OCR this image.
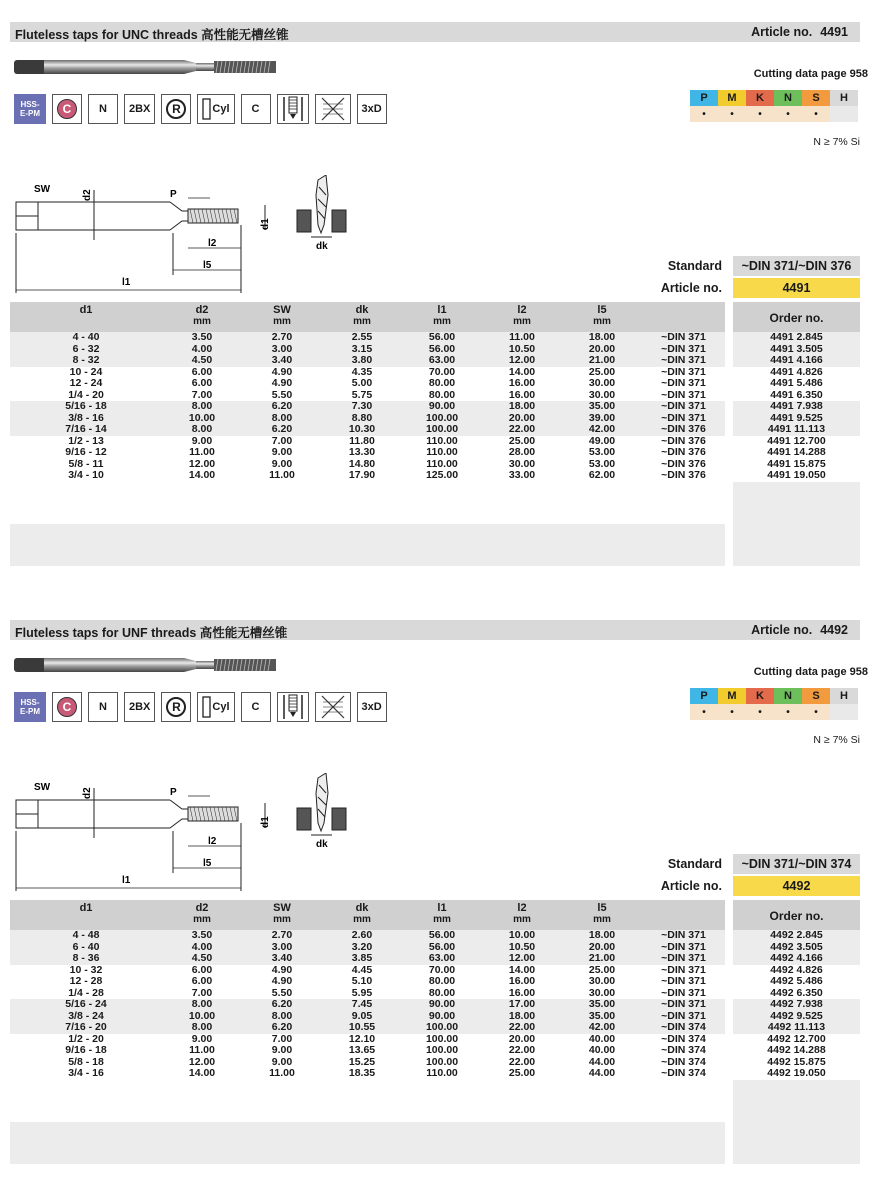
Fluteless taps for UNC threads 高性能无槽丝锥	Article no. 4491
HSS-E-PM	C	N	2BX	R	Cyl	C	3xD
Cutting data page 958
P	M	K	N	S	H
•	•	•	•	•	
N ≥ 7% Si
SW	d2	P
d1
l2
l5
l1
dk
Standard	~DIN 371/~DIN 376
Article no.	4491
d1	d2
mm
SW
mm
dk
mm
l1
mm
l2
mm
l5
mm
4 - 40	3.50	2.70	2.55	56.00	11.00	18.00	~DIN 371
6 - 32	4.00	3.00	3.15	56.00	10.50	20.00	~DIN 371
8 - 32	4.50	3.40	3.80	63.00	12.00	21.00	~DIN 371
10 - 24	6.00	4.90	4.35	70.00	14.00	25.00	~DIN 371
12 - 24	6.00	4.90	5.00	80.00	16.00	30.00	~DIN 371
1/4 - 20	7.00	5.50	5.75	80.00	16.00	30.00	~DIN 371
5/16 - 18	8.00	6.20	7.30	90.00	18.00	35.00	~DIN 371
3/8 - 16	10.00	8.00	8.80	100.00	20.00	39.00	~DIN 371
7/16 - 14	8.00	6.20	10.30	100.00	22.00	42.00	~DIN 376
1/2 - 13	9.00	7.00	11.80	110.00	25.00	49.00	~DIN 376
9/16 - 12	11.00	9.00	13.30	110.00	28.00	53.00	~DIN 376
5/8 - 11	12.00	9.00	14.80	110.00	30.00	53.00	~DIN 376
3/4 - 10	14.00	11.00	17.90	125.00	33.00	62.00	~DIN 376
Order no.
4491 2.845
4491 3.505
4491 4.166
4491 4.826
4491 5.486
4491 6.350
4491 7.938
4491 9.525
4491 11.113
4491 12.700
4491 14.288
4491 15.875
4491 19.050
Fluteless taps for UNF threads 高性能无槽丝锥	Article no. 4492
HSS-E-PM	C	N	2BX	R	Cyl	C	3xD
Cutting data page 958
P	M	K	N	S	H
•	•	•	•	•	
N ≥ 7% Si
SW	d2	P
d1
l2
l5
l1
dk
Standard	~DIN 371/~DIN 374
Article no.	4492
d1	d2
mm
SW
mm
dk
mm
l1
mm
l2
mm
l5
mm
4 - 48	3.50	2.70	2.60	56.00	10.00	18.00	~DIN 371
6 - 40	4.00	3.00	3.20	56.00	10.50	20.00	~DIN 371
8 - 36	4.50	3.40	3.85	63.00	12.00	21.00	~DIN 371
10 - 32	6.00	4.90	4.45	70.00	14.00	25.00	~DIN 371
12 - 28	6.00	4.90	5.10	80.00	16.00	30.00	~DIN 371
1/4 - 28	7.00	5.50	5.95	80.00	16.00	30.00	~DIN 371
5/16 - 24	8.00	6.20	7.45	90.00	17.00	35.00	~DIN 371
3/8 - 24	10.00	8.00	9.05	90.00	18.00	35.00	~DIN 371
7/16 - 20	8.00	6.20	10.55	100.00	22.00	42.00	~DIN 374
1/2 - 20	9.00	7.00	12.10	100.00	20.00	40.00	~DIN 374
9/16 - 18	11.00	9.00	13.65	100.00	22.00	40.00	~DIN 374
5/8 - 18	12.00	9.00	15.25	100.00	22.00	44.00	~DIN 374
3/4 - 16	14.00	11.00	18.35	110.00	25.00	44.00	~DIN 374
Order no.
4492 2.845
4492 3.505
4492 4.166
4492 4.826
4492 5.486
4492 6.350
4492 7.938
4492 9.525
4492 11.113
4492 12.700
4492 14.288
4492 15.875
4492 19.050
